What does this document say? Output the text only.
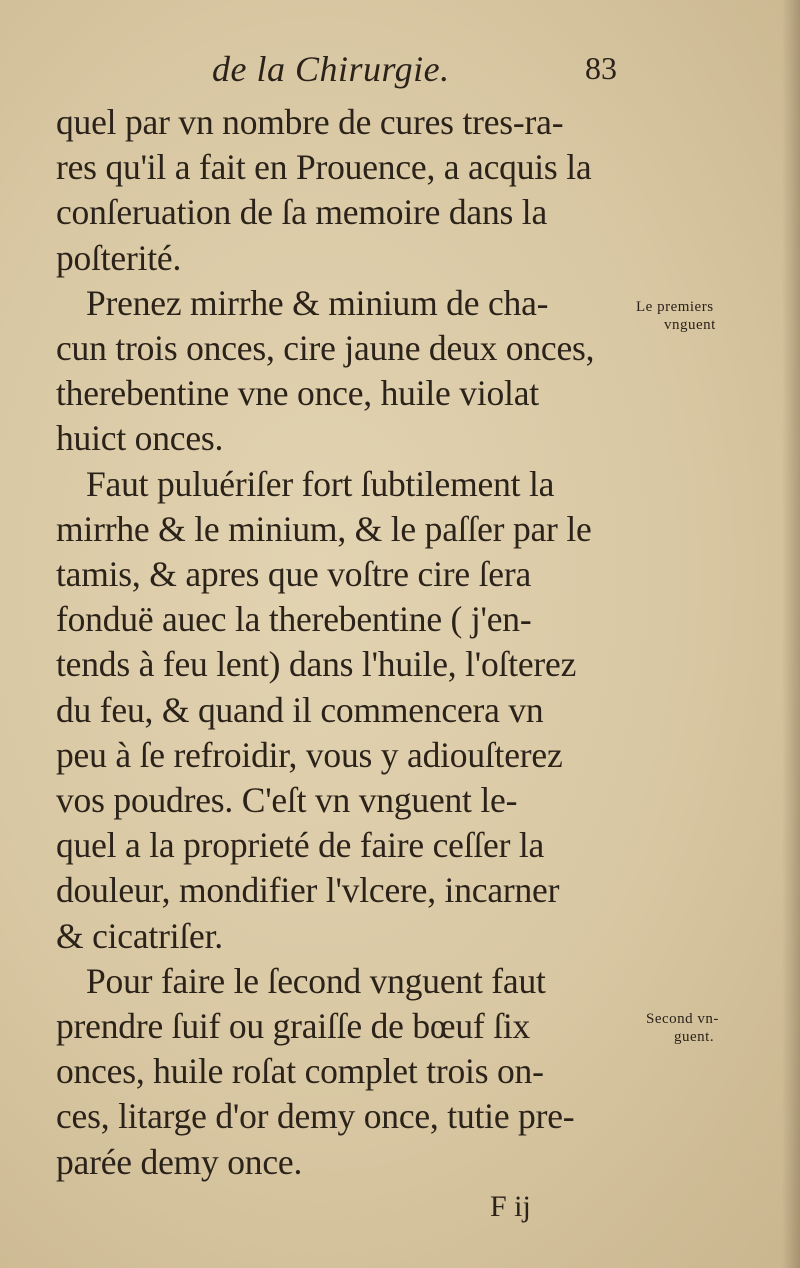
de la Chirurgie.	83
quel par vn nombre de cures tres-ra-
res qu'il a fait en Prouence, a acquis la
conſeruation de ſa memoire dans la
poſterité.
Prenez mirrhe & minium de cha-
cun trois onces, cire jaune deux onces,
therebentine vne once, huile violat
huict onces.
Faut puluériſer fort ſubtilement la
mirrhe & le minium, & le paſſer par le
tamis, & apres que voſtre cire ſera
fonduë auec la therebentine ( j'en-
tends à feu lent) dans l'huile, l'oſterez
du feu, & quand il commencera vn
peu à ſe refroidir, vous y adiouſterez
vos poudres. C'eſt vn vnguent le-
quel a la proprieté de faire ceſſer la
douleur, mondifier l'vlcere, incarner
& cicatriſer.
Pour faire le ſecond vnguent faut
prendre ſuif ou graiſſe de bœuf ſix
onces, huile roſat complet trois on-
ces, litarge d'or demy once, tutie pre-
parée demy once.
Le premiers
vnguent
Second vn-
guent.
F ij
